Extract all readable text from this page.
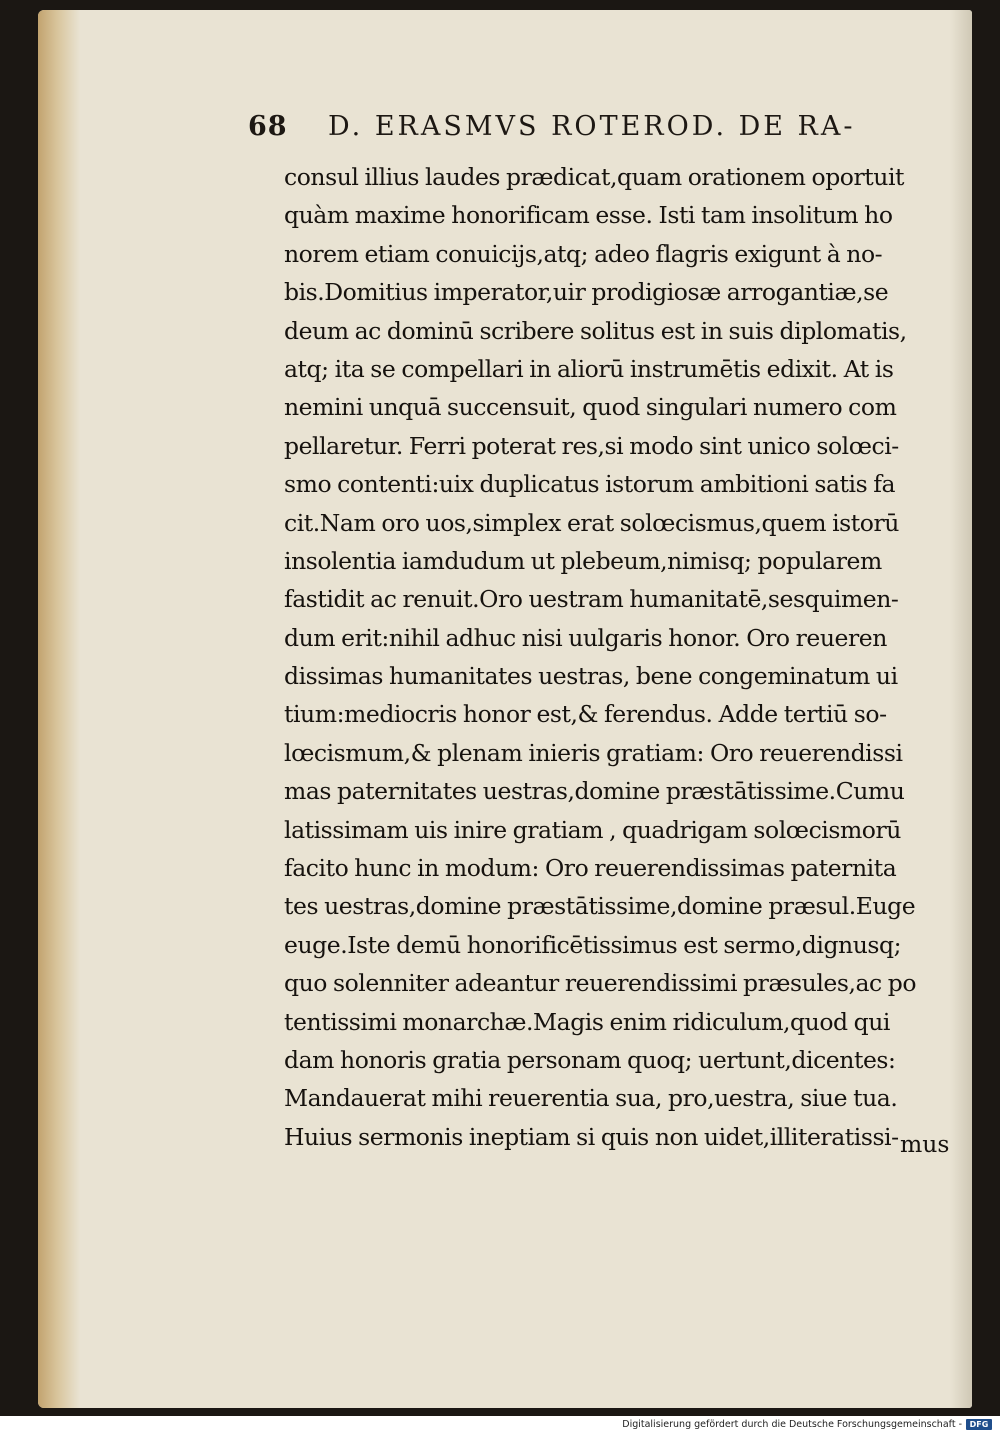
68 D. ERASMVS ROTEROD. DE RA-
consul illius laudes prædicat,quam orationem oportuit
quàm maxime honorificam esse. Isti tam insolitum ho
norem etiam conuicijs,atq; adeo flagris exigunt à no-
bis.Domitius imperator,uir prodigiosæ arrogantiæ,se
deum ac dominū scribere solitus est in suis diplomatis,
atq; ita se compellari in aliorū instrumētis edixit. At is
nemini unquā succensuit, quod singulari numero com
pellaretur. Ferri poterat res,si modo sint unico solœci-
smo contenti:uix duplicatus istorum ambitioni satis fa
cit.Nam oro uos,simplex erat solœcismus,quem istorū
insolentia iamdudum ut plebeum,nimisq; popularem
fastidit ac renuit.Oro uestram humanitatē,sesquimen-
dum erit:nihil adhuc nisi uulgaris honor. Oro reueren
dissimas humanitates uestras, bene congeminatum ui
tium:mediocris honor est,& ferendus. Adde tertiū so-
lœcismum,& plenam inieris gratiam: Oro reuerendissi
mas paternitates uestras,domine præstātissime.Cumu
latissimam uis inire gratiam , quadrigam solœcismorū
facito hunc in modum: Oro reuerendissimas paternita
tes uestras,domine præstātissime,domine præsul.Euge
euge.Iste demū honorificētissimus est sermo,dignusq;
quo solenniter adeantur reuerendissimi præsules,ac po
tentissimi monarchæ.Magis enim ridiculum,quod qui
dam honoris gratia personam quoq; uertunt,dicentes:
Mandauerat mihi reuerentia sua, pro,uestra, siue tua.
Huius sermonis ineptiam si quis non uidet,illiteratissi- mus
Digitalisierung gefördert durch die Deutsche Forschungsgemeinschaft - DFG
